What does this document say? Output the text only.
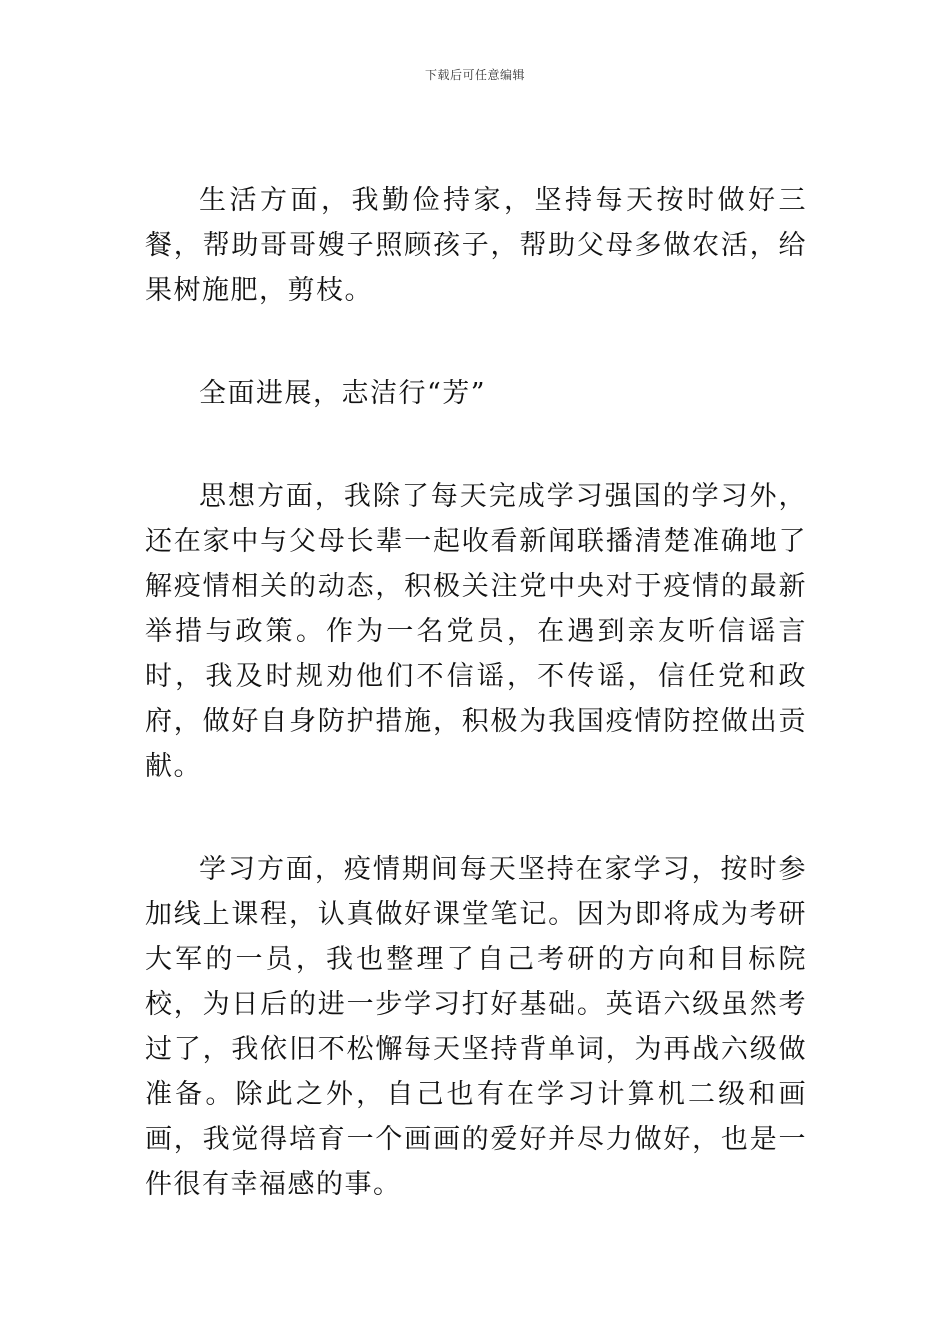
下载后可任意编辑

生活方面，我勤俭持家，坚持每天按时做好三餐，帮助哥哥嫂子照顾孩子，帮助父母多做农活，给果树施肥，剪枝。

全面进展，志洁行“芳”

思想方面，我除了每天完成学习强国的学习外，还在家中与父母长辈一起收看新闻联播清楚准确地了解疫情相关的动态，积极关注党中央对于疫情的最新举措与政策。作为一名党员，在遇到亲友听信谣言时，我及时规劝他们不信谣，不传谣，信任党和政府，做好自身防护措施，积极为我国疫情防控做出贡献。

学习方面，疫情期间每天坚持在家学习，按时参加线上课程，认真做好课堂笔记。因为即将成为考研大军的一员，我也整理了自己考研的方向和目标院校，为日后的进一步学习打好基础。英语六级虽然考过了，我依旧不松懈每天坚持背单词，为再战六级做准备。除此之外，自己也有在学习计算机二级和画画，我觉得培育一个画画的爱好并尽力做好，也是一件很有幸福感的事。
